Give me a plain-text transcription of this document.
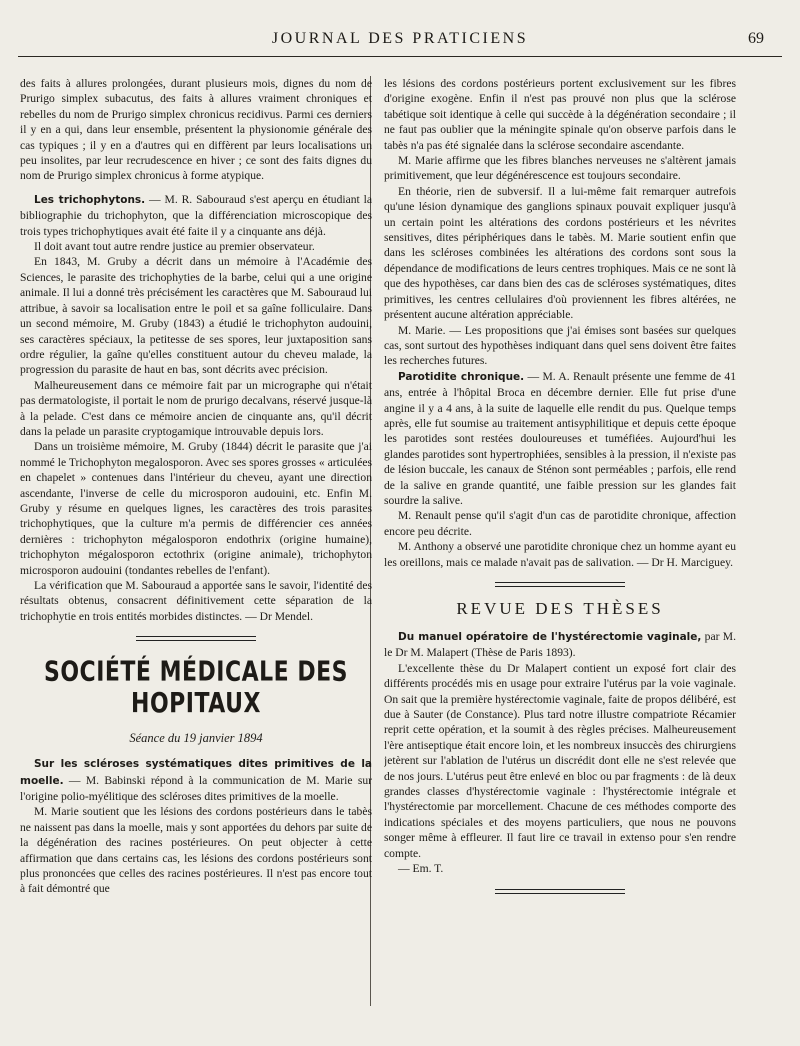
JOURNAL DES PRATICIENS	69

des faits à allures prolongées, durant plusieurs mois, dignes du nom de Prurigo simplex subacutus, des faits à allures vraiment chroniques et rebelles du nom de Prurigo simplex chronicus recidivus. Parmi ces derniers il y en a qui, dans leur ensemble, présentent la physionomie générale des cas typiques ; il y en a d'autres qui en diffèrent par leurs localisations un peu insolites, par leur recrudescence en hiver ; ce sont des faits dignes du nom de Prurigo simplex chronicus à forme atypique.

Les trichophytons. — M. R. Sabouraud s'est aperçu en étudiant la bibliographie du trichophyton, que la différenciation microscopique des trois types trichophytiques avait été faite il y a cinquante ans déjà.

Il doit avant tout autre rendre justice au premier observateur.

En 1843, M. Gruby a décrit dans un mémoire à l'Académie des Sciences, le parasite des trichophyties de la barbe, celui qui a une origine animale. Il lui a donné très précisément les caractères que M. Sabouraud lui attribue, à savoir sa localisation entre le poil et sa gaîne folliculaire. Dans un second mémoire, M. Gruby (1843) a étudié le trichophyton audouini, ses caractères spéciaux, la petitesse de ses spores, leur juxtaposition sans ordre régulier, la gaîne qu'elles constituent autour du cheveu malade, la progression du parasite de haut en bas, sont décrits avec précision.

Malheureusement dans ce mémoire fait par un micrographe qui n'était pas dermatologiste, il portait le nom de prurigo decalvans, réservé jusque-là à la pelade. C'est dans ce mémoire ancien de cinquante ans, qu'il décrit dans la pelade un parasite cryptogamique introuvable depuis lors.

Dans un troisième mémoire, M. Gruby (1844) décrit le parasite que j'ai nommé le Trichophyton megalosporon. Avec ses spores grosses « articulées en chapelet » contenues dans l'intérieur du cheveu, ayant une direction ascendante, l'inverse de celle du microsporon audouini, etc. Enfin M. Gruby y résume en quelques lignes, les caractères des trois parasites trichophytiques, que la culture m'a permis de différencier ces années dernières : trichophyton mégalosporon endothrix (origine humaine), trichophyton mégalosporon ectothrix (origine animale), trichophyton microsporon audouini (tondantes rebelles de l'enfant).

La vérification que M. Sabouraud a apportée sans le savoir, l'identité des résultats obtenus, consacrent définitivement cette séparation de la trichophytie en trois entités morbides distinctes. — Dr Mendel.

SOCIÉTÉ MÉDICALE DES HOPITAUX
Séance du 19 janvier 1894

Sur les scléroses systématiques dites primitives de la moelle. — M. Babinski répond à la communication de M. Marie sur l'origine polio-myélitique des scléroses dites primitives de la moelle.

M. Marie soutient que les lésions des cordons postérieurs dans le tabès ne naissent pas dans la moelle, mais y sont apportées du dehors par suite de la dégénération des racines postérieures. On peut objecter à cette affirmation que dans certains cas, les lésions des cordons postérieurs sont plus prononcées que celles des racines postérieures. Il n'est pas encore tout à fait démontré que

les lésions des cordons postérieurs portent exclusivement sur les fibres d'origine exogène. Enfin il n'est pas prouvé non plus que la sclérose tabétique soit identique à celle qui succède à la dégénération secondaire ; il ne faut pas oublier que la méningite spinale qu'on observe parfois dans le tabès n'a pas été signalée dans la sclérose secondaire ascendante.

M. Marie affirme que les fibres blanches nerveuses ne s'altèrent jamais primitivement, que leur dégénérescence est toujours secondaire.

En théorie, rien de subversif. Il a lui-même fait remarquer autrefois qu'une lésion dynamique des ganglions spinaux pouvait expliquer jusqu'à un certain point les altérations des cordons postérieurs et les névrites sensitives, dites périphériques dans le tabès. M. Marie soutient enfin que dans les scléroses combinées les altérations des cordons sont sous la dépendance de modifications de leurs centres trophiques. Mais ce ne sont là que des hypothèses, car dans bien des cas de scléroses systématiques, dites primitives, les centres cellulaires d'où proviennent les fibres altérées, ne présentent aucune altération appréciable.

M. Marie. — Les propositions que j'ai émises sont basées sur quelques cas, sont surtout des hypothèses indiquant dans quel sens doivent être faites les recherches futures.

Parotidite chronique. — M. A. Renault présente une femme de 41 ans, entrée à l'hôpital Broca en décembre dernier. Elle fut prise d'une angine il y a 4 ans, à la suite de laquelle elle rendit du pus. Quelque temps après, elle fut soumise au traitement antisyphilitique et depuis cette époque les parotides sont restées douloureuses et tuméfiées. Aujourd'hui les glandes parotides sont hypertrophiées, sensibles à la pression, il n'existe pas de lésion buccale, les canaux de Sténon sont perméables ; parfois, elle rend de la salive en grande quantité, une faible pression sur les glandes fait sourdre la salive.

M. Renault pense qu'il s'agit d'un cas de parotidite chronique, affection encore peu décrite.

M. Anthony a observé une parotidite chronique chez un homme ayant eu les oreillons, mais ce malade n'avait pas de salivation. — Dr H. Marciguey.

REVUE DES THÈSES

Du manuel opératoire de l'hystérectomie vaginale, par M. le Dr M. Malapert (Thèse de Paris 1893).

L'excellente thèse du Dr Malapert contient un exposé fort clair des différents procédés mis en usage pour extraire l'utérus par la voie vaginale. On sait que la première hystérectomie vaginale, faite de propos délibéré, est due à Sauter (de Constance). Plus tard notre illustre compatriote Récamier reprit cette opération, et la soumit à des règles précises. Malheureusement l'ère antiseptique était encore loin, et les nombreux insuccès des chirurgiens jetèrent sur l'ablation de l'utérus un discrédit dont elle ne s'est relevée que de nos jours. L'utérus peut être enlevé en bloc ou par fragments : de là deux grandes classes d'hystérectomie vaginale : l'hystérectomie intégrale et l'hystérectomie par morcellement. Chacune de ces méthodes comporte des indications spéciales et des moyens particuliers, que nous ne pouvons songer même à effleurer. Il faut lire ce travail in extenso pour s'en rendre compte.

— Em. T.
